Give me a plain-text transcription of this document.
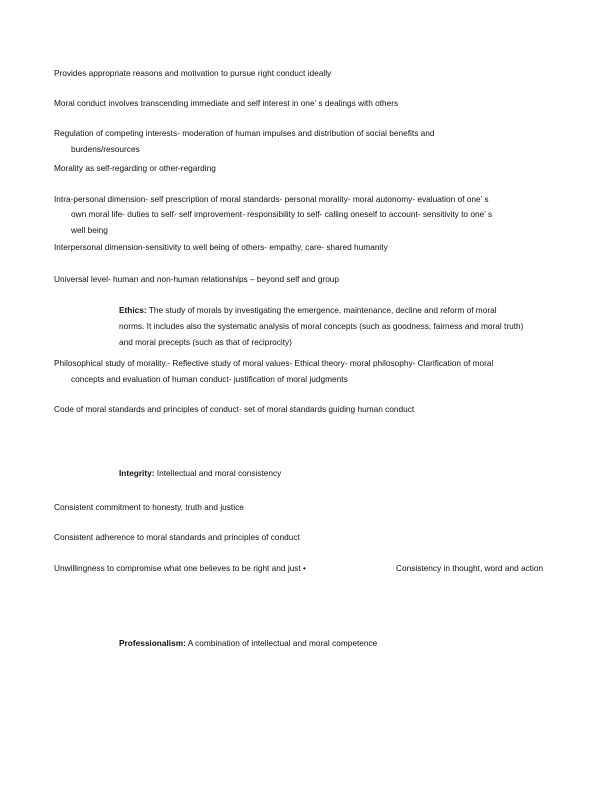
Provides appropriate reasons and motivation to pursue right conduct ideally
Moral conduct involves transcending immediate and self interest in one’ s dealings with others
Regulation of competing interests- moderation of human impulses and distribution of social benefits and
burdens/resources
Morality as self-regarding or other-regarding
Intra-personal dimension- self prescription of moral standards- personal morality- moral autonomy- evaluation of one’ s
own moral life- duties to self- self improvement- responsibility to self- calling oneself to account- sensitivity to one’ s
well being
Interpersonal dimension-sensitivity to well being of others- empathy, care- shared humanity
Universal level- human and non-human relationships – beyond self and group
Ethics: The study of morals by investigating the emergence, maintenance, decline and reform of moral
norms. It includes also the systematic analysis of moral concepts (such as goodness, fairness and moral truth)
and moral precepts (such as that of reciprocity)
Philosophical study of morality.- Reflective study of moral values- Ethical theory- moral philosophy- Clarification of moral
concepts and evaluation of human conduct- justification of moral judgments
Code of moral standards and principles of conduct- set of moral standards guiding human conduct
Integrity: Intellectual and moral consistency
Consistent commitment to honesty, truth and justice
Consistent adherence to moral standards and principles of conduct
Unwillingness to compromise what one believes to be right and just •	Consistency in thought, word and action
Professionalism: A combination of intellectual and moral competence
